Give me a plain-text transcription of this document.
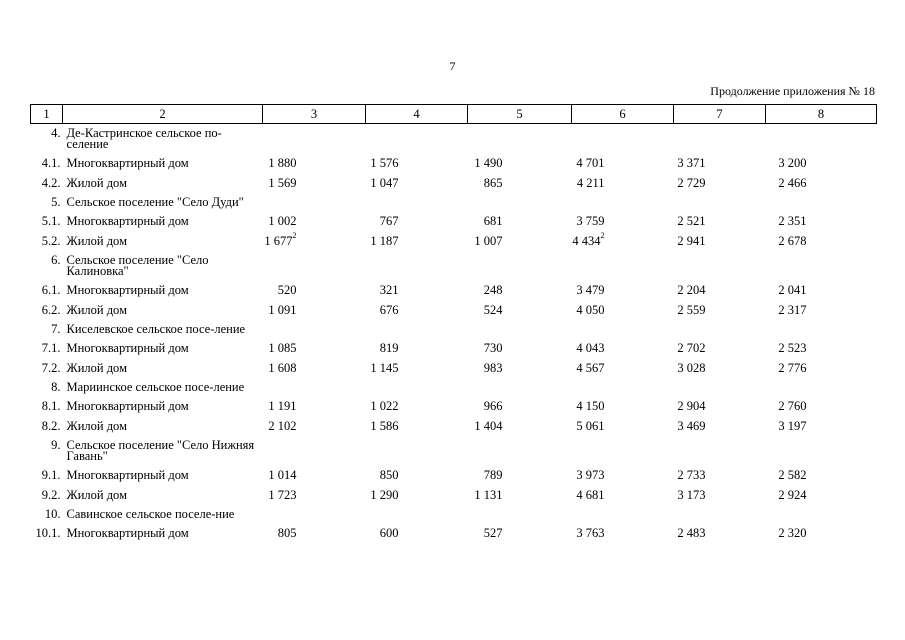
7
Продолжение приложения № 18
1	2	3	4	5	6	7	8
4.	Де-Кастринское сельское по-селение						
4.1.	Многоквартирный дом	1 880	1 576	1 490	4 701	3 371	3 200
4.2.	Жилой дом	1 569	1 047	865	4 211	2 729	2 466
5.	Сельское поселение "Село Дуди"						
5.1.	Многоквартирный дом	1 002	767	681	3 759	2 521	2 351
5.2.	Жилой дом	1 $677^2$	1 187	1 007	4 $434^2$	2 941	2 678
6.	Сельское поселение "Село Калиновка"						
6.1.	Многоквартирный дом	520	321	248	3 479	2 204	2 041
6.2.	Жилой дом	1 091	676	524	4 050	2 559	2 317
7.	Киселевское сельское посе-ление						
7.1.	Многоквартирный дом	1 085	819	730	4 043	2 702	2 523
7.2.	Жилой дом	1 608	1 145	983	4 567	3 028	2 776
8.	Мариинское сельское посе-ление						
8.1.	Многоквартирный дом	1 191	1 022	966	4 150	2 904	2 760
8.2.	Жилой дом	2 102	1 586	1 404	5 061	3 469	3 197
9.	Сельское поселение "Село Нижняя Гавань"						
9.1.	Многоквартирный дом	1 014	850	789	3 973	2 733	2 582
9.2.	Жилой дом	1 723	1 290	1 131	4 681	3 173	2 924
10.	Савинское сельское поселе-ние						
10.1.	Многоквартирный дом	805	600	527	3 763	2 483	2 320
